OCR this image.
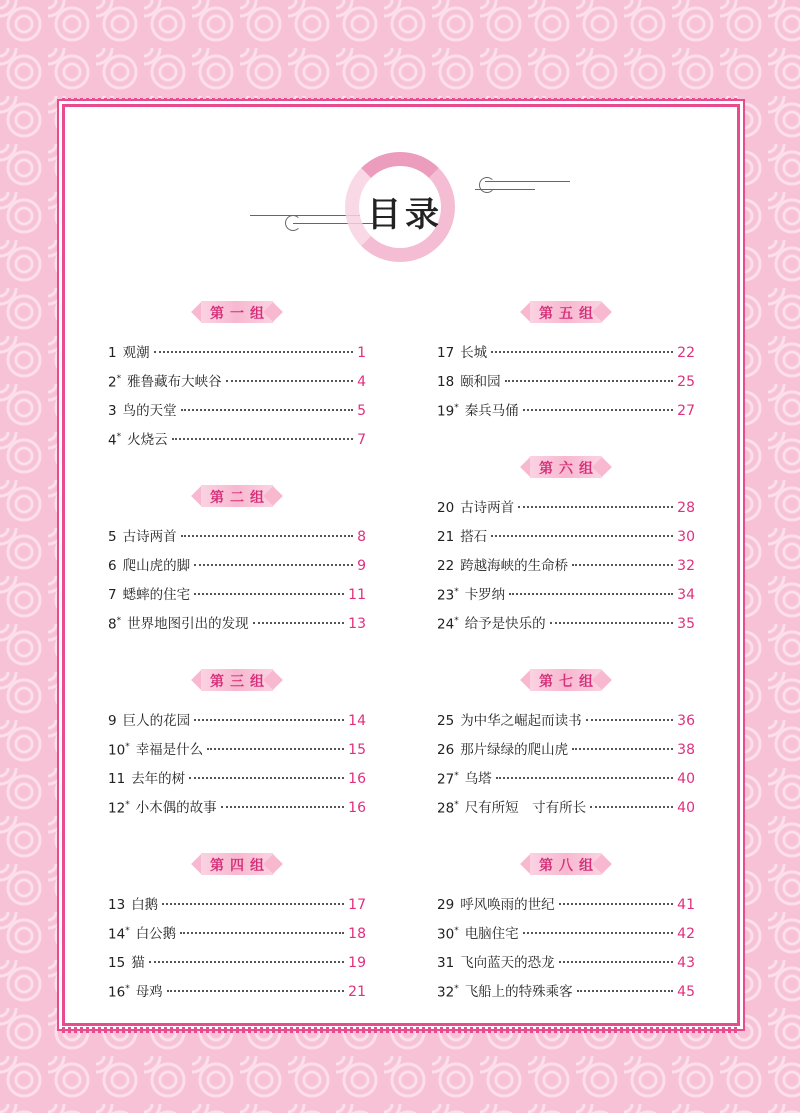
目录
第一组
1 观潮	1
2* 雅鲁藏布大峡谷	4
3 鸟的天堂	5
4* 火烧云	7
第二组
5 古诗两首	8
6 爬山虎的脚	9
7 蟋蟀的住宅	11
8* 世界地图引出的发现	13
第三组
9 巨人的花园	14
10* 幸福是什么	15
11 去年的树	16
12* 小木偶的故事	16
第四组
13 白鹅	17
14* 白公鹅	18
15 猫	19
16* 母鸡	21
第五组
17 长城	22
18 颐和园	25
19* 秦兵马俑	27
第六组
20 古诗两首	28
21 搭石	30
22 跨越海峡的生命桥	32
23* 卡罗纳	34
24* 给予是快乐的	35
第七组
25 为中华之崛起而读书	36
26 那片绿绿的爬山虎	38
27* 乌塔	40
28* 尺有所短　寸有所长	40
第八组
29 呼风唤雨的世纪	41
30* 电脑住宅	42
31 飞向蓝天的恐龙	43
32* 飞船上的特殊乘客	45
